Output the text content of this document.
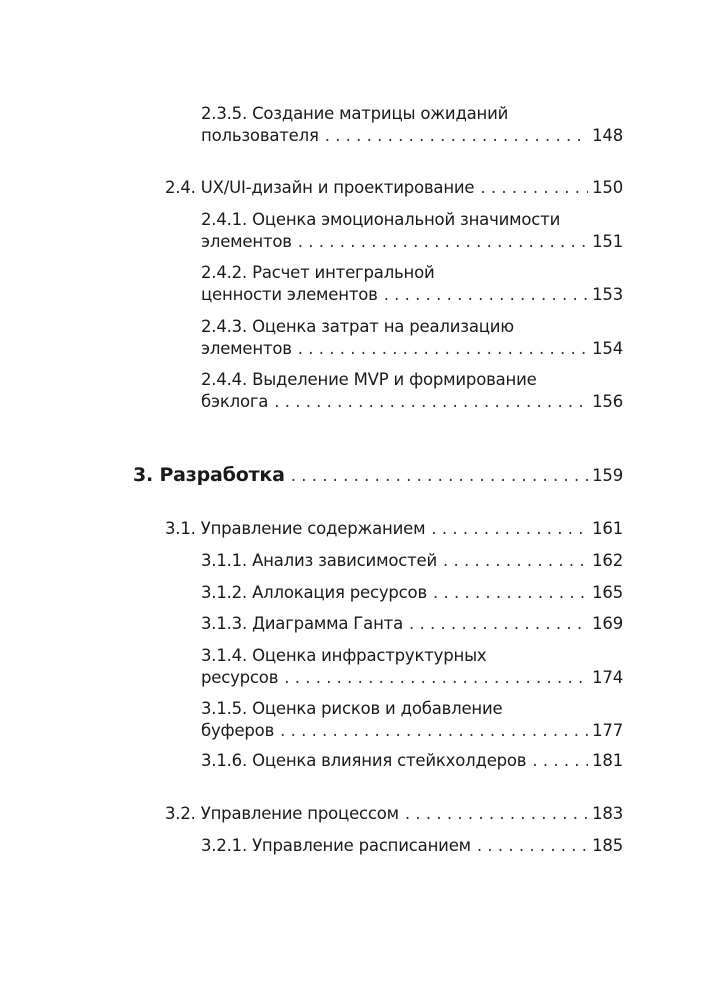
2.3.5. Создание матрицы ожиданий
пользователя . . .	148
2.4. UX/UI-дизайн и проектирование . . .	150
2.4.1. Оценка эмоциональной значимости
элементов . . .	151
2.4.2. Расчет интегральной
ценности элементов . . .	153
2.4.3. Оценка затрат на реализацию
элементов . . .	154
2.4.4. Выделение MVP и формирование
бэклога . . .	156
3. Разработка . . .	159
3.1. Управление содержанием . . .	161
3.1.1. Анализ зависимостей . . .	162
3.1.2. Аллокация ресурсов . . .	165
3.1.3. Диаграмма Ганта . . .	169
3.1.4. Оценка инфраструктурных
ресурсов . . .	174
3.1.5. Оценка рисков и добавление
буферов . . .	177
3.1.6. Оценка влияния стейкхолдеров . . .	181
3.2. Управление процессом . . .	183
3.2.1. Управление расписанием . . .	185
